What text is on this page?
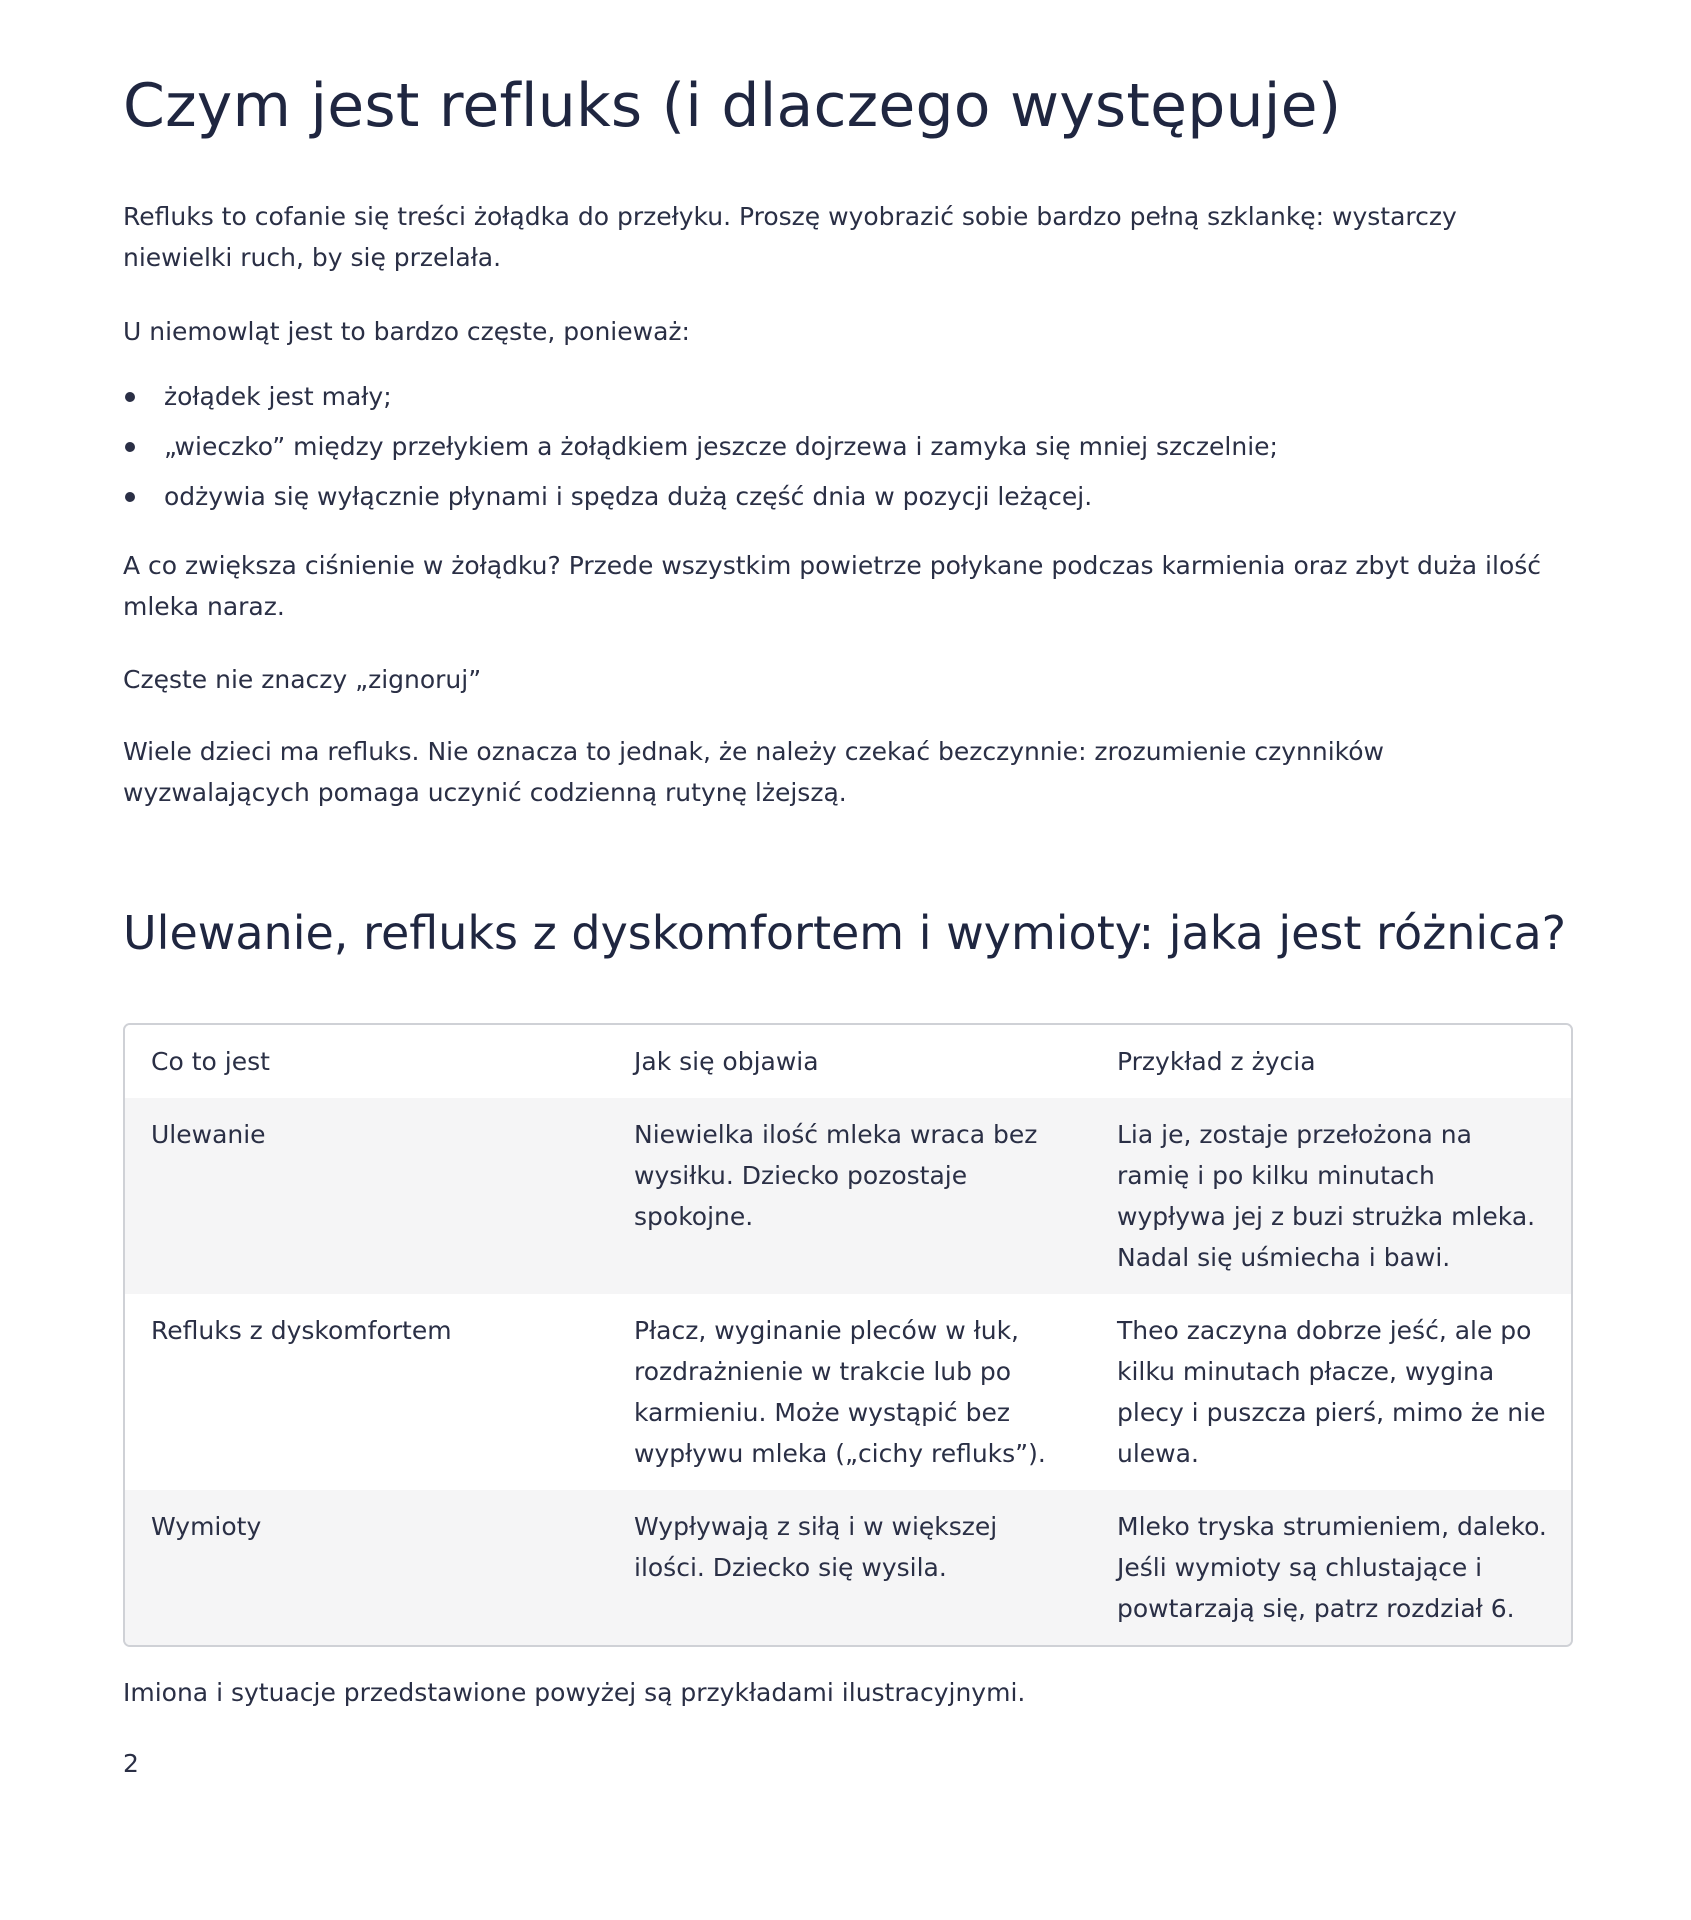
Czym jest refluks (i dlaczego występuje)

Refluks to cofanie się treści żołądka do przełyku. Proszę wyobrazić sobie bardzo pełną szklankę: wystarczy niewielki ruch, by się przelała.

U niemowląt jest to bardzo częste, ponieważ:

żołądek jest mały;
„wieczko” między przełykiem a żołądkiem jeszcze dojrzewa i zamyka się mniej szczelnie;
odżywia się wyłącznie płynami i spędza dużą część dnia w pozycji leżącej.

A co zwiększa ciśnienie w żołądku? Przede wszystkim powietrze połykane podczas karmienia oraz zbyt duża ilość mleka naraz.

Częste nie znaczy „zignoruj”

Wiele dzieci ma refluks. Nie oznacza to jednak, że należy czekać bezczynnie: zrozumienie czynników wyzwalających pomaga uczynić codzienną rutynę lżejszą.

Ulewanie, refluks z dyskomfortem i wymioty: jaka jest różnica?
Co to jest	Jak się objawia	Przykład z życia
Ulewanie	Niewielka ilość mleka wraca bez wysiłku. Dziecko pozostaje spokojne.	Lia je, zostaje przełożona na ramię i po kilku minutach wypływa jej z buzi strużka mleka. Nadal się uśmiecha i bawi.
Refluks z dyskomfortem	Płacz, wyginanie pleców w łuk, rozdrażnienie w trakcie lub po karmieniu. Może wystąpić bez wypływu mleka („cichy refluks”).	Theo zaczyna dobrze jeść, ale po kilku minutach płacze, wygina plecy i puszcza pierś, mimo że nie ulewa.
Wymioty	Wypływają z siłą i w większej ilości. Dziecko się wysila.	Mleko tryska strumieniem, daleko. Jeśli wymioty są chlustające i powtarzają się, patrz rozdział 6.

Imiona i sytuacje przedstawione powyżej są przykładami ilustracyjnymi.

2
